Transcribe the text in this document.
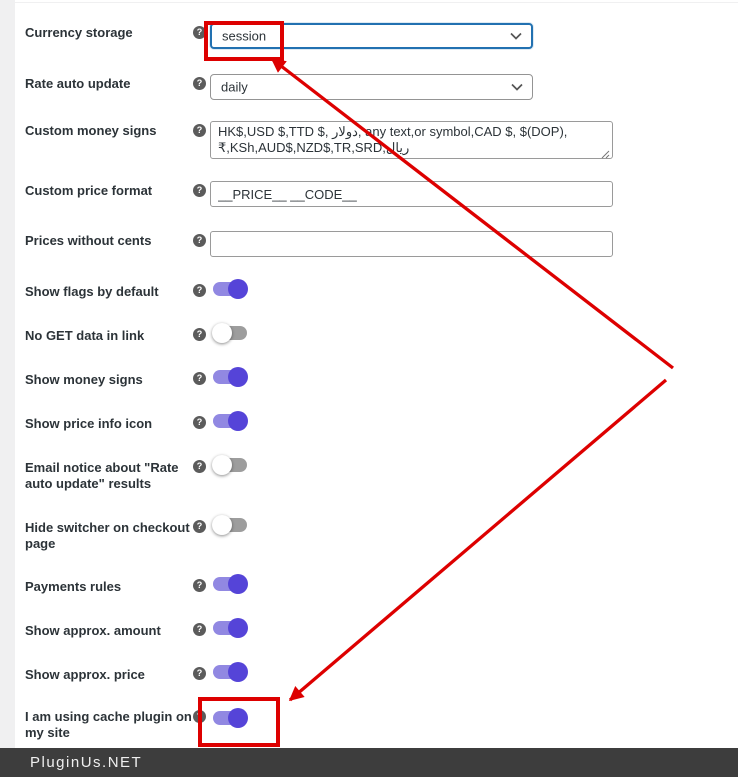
Currency storage	? session
Rate auto update	? daily
Custom money signs	?
HK$,USD $,TTD $, دولار, any text,or symbol,CAD $, $(DOP), ₹,KSh,AUD$,NZD$,TR,SRD,ريال
Custom price format	?
__PRICE__ __CODE__
Prices without cents	?
Show flags by default	?
No GET data in link	?
Show money signs	?
Show price info icon	?
Email notice about "Rate auto update" results
?
Hide switcher on checkout page
?
Payments rules	?
Show approx. amount	?
Show approx. price	?
I am using cache plugin on my site
?
PluginUs.NET
